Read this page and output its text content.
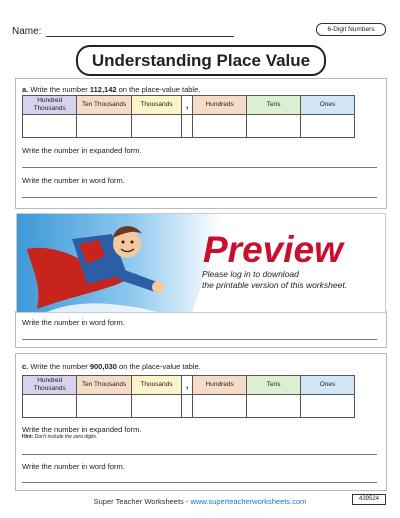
Name:	6-Digit Numbers
Understanding Place Value
a. Write the number 112,142 on the place-value table.
Hundred Thousands	Ten Thousands	Thousands	,	Hundreds	Tens	Ones

Write the number in expanded form.
Write the number in word form.
Preview
Please log in to download
the printable version of this worksheet.
Write the number in word form.
c. Write the number 900,030 on the place-value table.
Hundred Thousands	Ten Thousands	Thousands	,	Hundreds	Tens	Ones

Write the number in expanded form.
Hint: Don't include the zero digits.
Write the number in word form.
Super Teacher Worksheets - www.superteacherworksheets.com	439524
